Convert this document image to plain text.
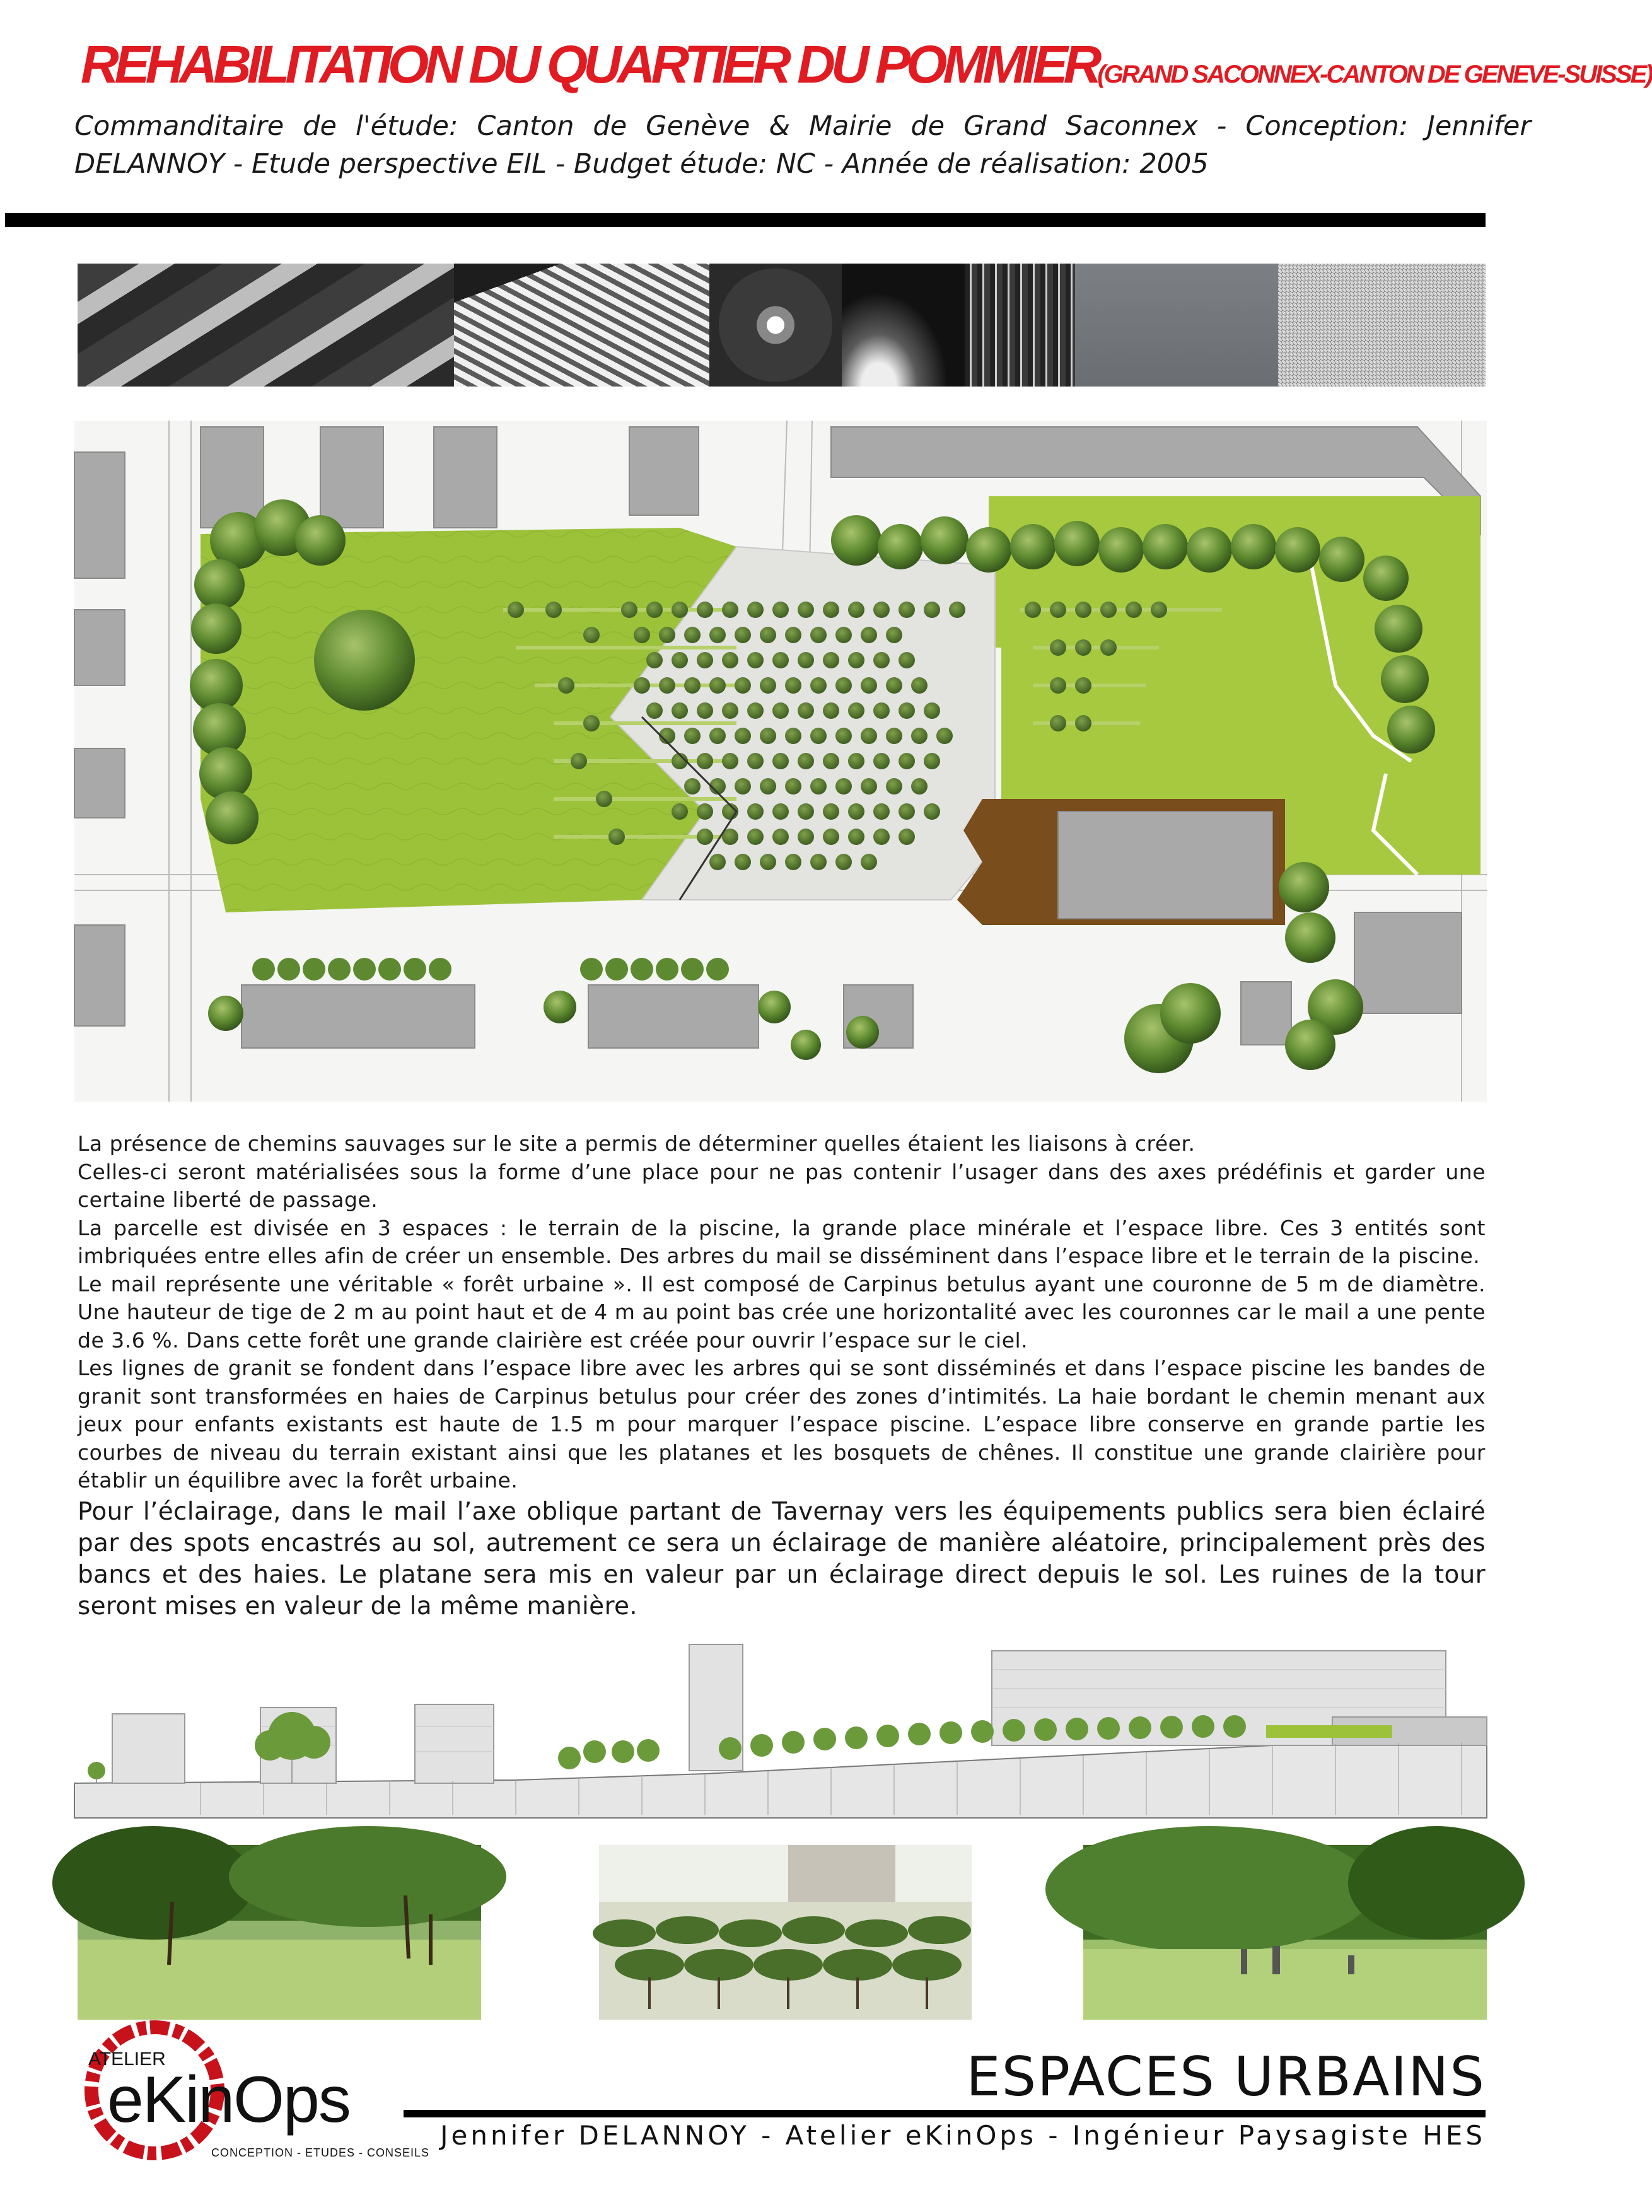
REHABILITATION DU QUARTIER DU POMMIER(GRAND SACONNEX-CANTON DE GENEVE-SUISSE)
Commanditaire de l'étude: Canton de Genève & Mairie de Grand Saconnex - Conception: Jennifer DELANNOY - Etude perspective EIL - Budget étude: NC - Année de réalisation: 2005

La présence de chemins sauvages sur le site a permis de déterminer quelles étaient les liaisons à créer.

Celles-ci seront matérialisées sous la forme d’une place pour ne pas contenir l’usager dans des axes prédéfinis et garder une certaine liberté de passage.

La parcelle est divisée en 3 espaces : le terrain de la piscine, la grande place minérale et l’espace libre. Ces 3 entités sont imbriquées entre elles afin de créer un ensemble. Des arbres du mail se disséminent dans l’espace libre et le terrain de la piscine.

Le mail représente une véritable « forêt urbaine ». Il est composé de Carpinus betulus ayant une couronne de 5 m de diamètre. Une hauteur de tige de 2 m au point haut et de 4 m au point bas crée une horizontalité avec les couronnes car le mail a une pente de 3.6 %. Dans cette forêt une grande clairière est créée pour ouvrir l’espace sur le ciel.

Les lignes de granit se fondent dans l’espace libre avec les arbres qui se sont disséminés et dans l’espace piscine les bandes de granit sont transformées en haies de Carpinus betulus pour créer des zones d’intimités. La haie bordant le chemin menant aux jeux pour enfants existants est haute de 1.5 m pour marquer l’espace piscine. L’espace libre conserve en grande partie les courbes de niveau du terrain existant ainsi que les platanes et les bosquets de chênes. Il constitue une grande clairière pour établir un équilibre avec la forêt urbaine.

Pour l’éclairage, dans le mail l’axe oblique partant de Tavernay vers les équipements publics sera bien éclairé par des spots encastrés au sol, autrement ce sera un éclairage de manière aléatoire, principalement près des bancs et des haies. Le platane sera mis en valeur par un éclairage direct depuis le sol. Les ruines de la tour seront mises en valeur de la même manière.

ATELIER
eKinOps
CONCEPTION - ETUDES - CONSEILS
ESPACES URBAINS
Jennifer DELANNOY - Atelier eKinOps - Ingénieur Paysagiste HES
